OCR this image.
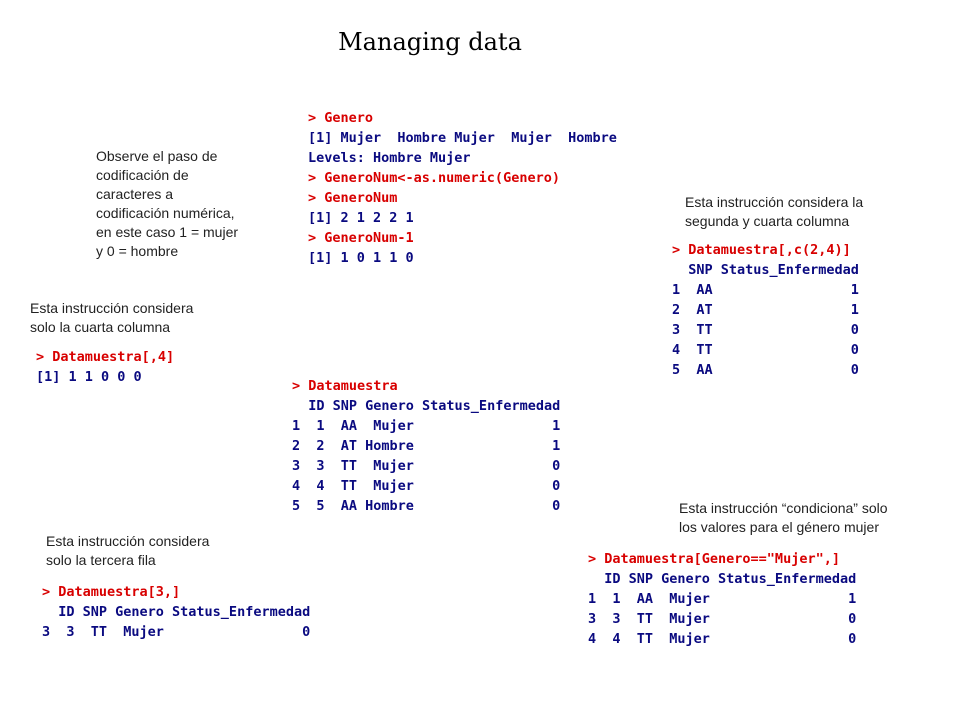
Managing data
Observe el paso de
codificación de
caracteres a
codificación numérica,
en este caso 1 = mujer
y 0 = hombre
Esta instrucción considera la
segunda y cuarta columna
Esta instrucción considera
solo la cuarta columna
Esta instrucción considera
solo la tercera fila
Esta instrucción “condiciona” solo
los valores para el género mujer
> Genero
[1] Mujer  Hombre Mujer  Mujer  Hombre
Levels: Hombre Mujer
> GeneroNum<-as.numeric(Genero)
> GeneroNum
[1] 2 1 2 2 1
> GeneroNum-1
[1] 1 0 1 1 0	> Datamuestra[,c(2,4)]
SNP Status_Enfermedad
1  AA                 1
2  AT                 1
3  TT                 0
4  TT                 0
5  AA                 0
> Datamuestra[,4]
[1] 1 1 0 0 0
> Datamuestra
ID SNP Genero Status_Enfermedad
1  1  AA  Mujer                 1
2  2  AT Hombre                 1
3  3  TT  Mujer                 0
4  4  TT  Mujer                 0
5  5  AA Hombre                 0
> Datamuestra[3,]
ID SNP Genero Status_Enfermedad
3  3  TT  Mujer                 0
> Datamuestra[Genero=="Mujer",]
ID SNP Genero Status_Enfermedad
1  1  AA  Mujer                 1
3  3  TT  Mujer                 0
4  4  TT  Mujer                 0
